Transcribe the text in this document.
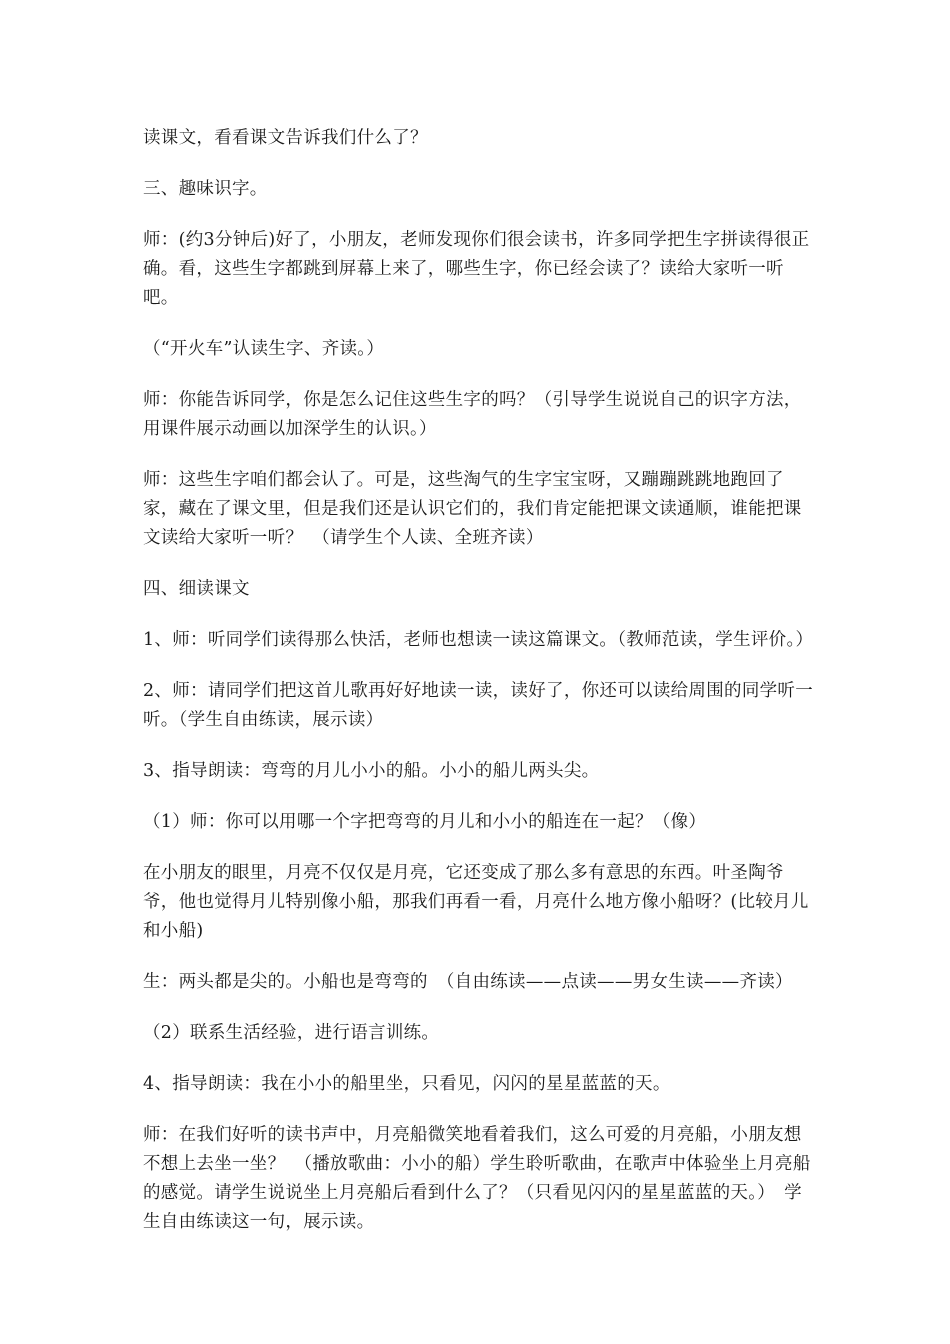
读课文，看看课文告诉我们什么了？

三、趣味识字。

师：(约3分钟后)好了，小朋友，老师发现你们很会读书，许多同学把生字拼读得很正确。看，这些生字都跳到屏幕上来了，哪些生字，你已经会读了？读给大家听一听吧。

（“开火车”认读生字、齐读。）

师：你能告诉同学，你是怎么记住这些生字的吗？（引导学生说说自己的识字方法，用课件展示动画以加深学生的认识。）

师：这些生字咱们都会认了。可是，这些淘气的生字宝宝呀，又蹦蹦跳跳地跑回了家，藏在了课文里，但是我们还是认识它们的，我们肯定能把课文读通顺，谁能把课文读给大家听一听？　（请学生个人读、全班齐读）

四、细读课文

1、师：听同学们读得那么快活，老师也想读一读这篇课文。（教师范读，学生评价。）

2、师：请同学们把这首儿歌再好好地读一读，读好了，你还可以读给周围的同学听一听。（学生自由练读，展示读）

3、指导朗读：弯弯的月儿小小的船。小小的船儿两头尖。

（1）师：你可以用哪一个字把弯弯的月儿和小小的船连在一起？（像）

在小朋友的眼里，月亮不仅仅是月亮，它还变成了那么多有意思的东西。叶圣陶爷爷，他也觉得月儿特别像小船，那我们再看一看，月亮什么地方像小船呀？(比较月儿和小船)

生：两头都是尖的。小船也是弯弯的　（自由练读——点读——男女生读——齐读）

（2）联系生活经验，进行语言训练。

4、指导朗读：我在小小的船里坐，只看见，闪闪的星星蓝蓝的天。

师：在我们好听的读书声中，月亮船微笑地看着我们，这么可爱的月亮船，小朋友想不想上去坐一坐？　（播放歌曲：小小的船）学生聆听歌曲，在歌声中体验坐上月亮船的感觉。请学生说说坐上月亮船后看到什么了？（只看见闪闪的星星蓝蓝的天。）　学生自由练读这一句，展示读。
